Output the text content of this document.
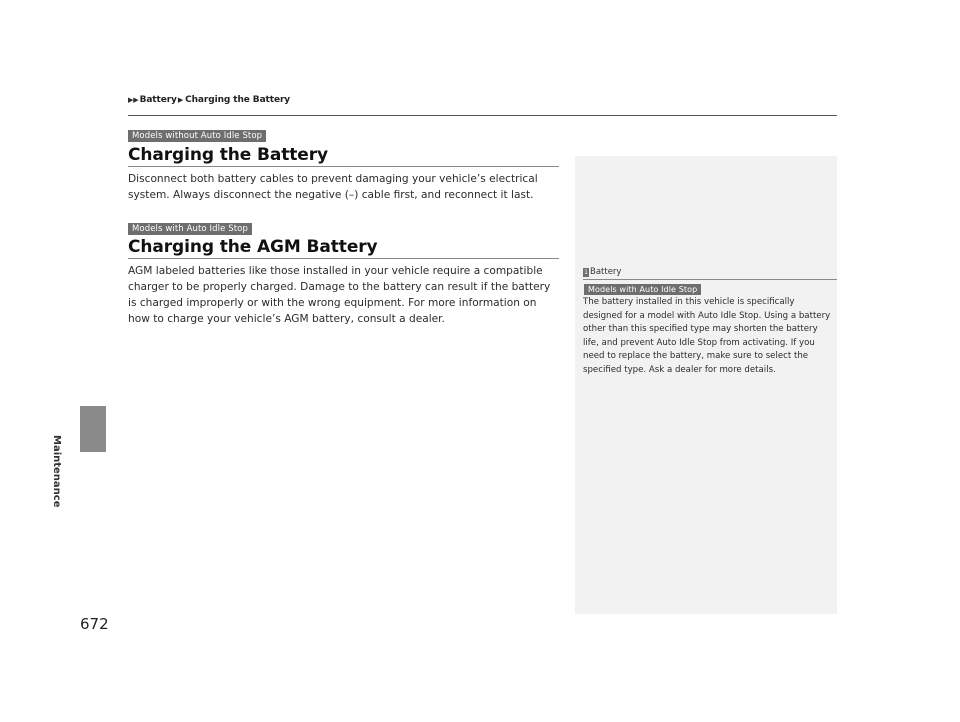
▶▶ Battery ▶ Charging the Battery
Maintenance
672
Models without Auto Idle Stop
Charging the Battery
Disconnect both battery cables to prevent damaging your vehicle’s electrical system. Always disconnect the negative (–) cable first, and reconnect it last.
Models with Auto Idle Stop
Charging the AGM Battery
AGM labeled batteries like those installed in your vehicle require a compatible charger to be properly charged. Damage to the battery can result if the battery is charged improperly or with the wrong equipment. For more information on how to charge your vehicle’s AGM battery, consult a dealer.
1 Battery
Models with Auto Idle Stop
The battery installed in this vehicle is specifically designed for a model with Auto Idle Stop. Using a battery other than this specified type may shorten the battery life, and prevent Auto Idle Stop from activating. If you need to replace the battery, make sure to select the specified type. Ask a dealer for more details.
